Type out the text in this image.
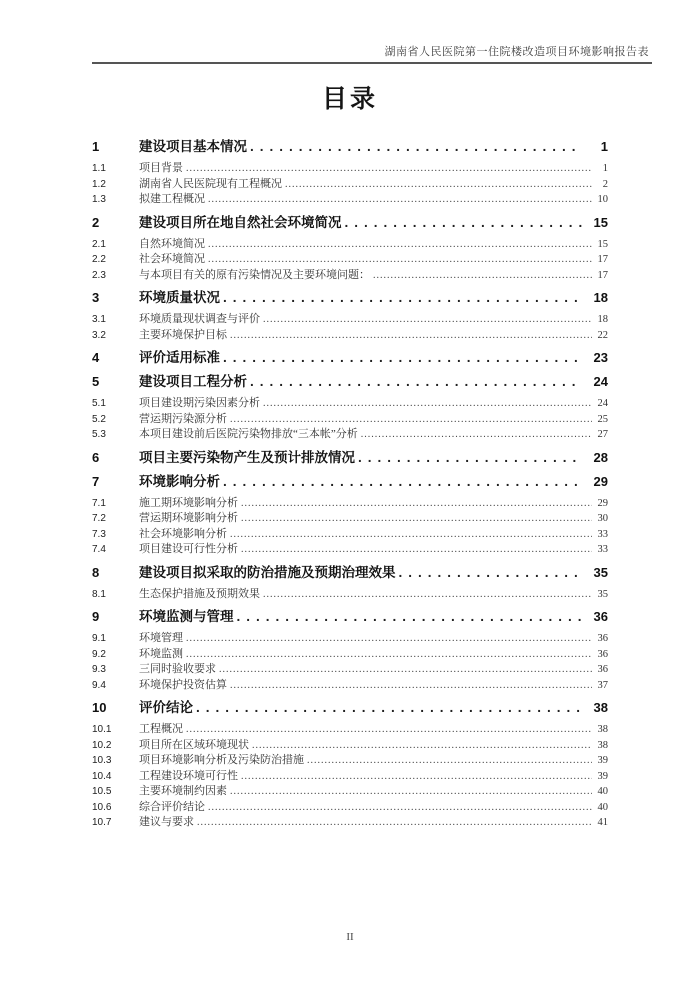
湖南省人民医院第一住院楼改造项目环境影响报告表
目录
1	建设项目基本情况 .....	1
1.1	项目背景 .....	1
1.2	湖南省人民医院现有工程概况 .....	2
1.3	拟建工程概况 .....	10
2	建设项目所在地自然社会环境简况 .....	15
2.1	自然环境简况 .....	15
2.2	社会环境简况 .....	17
2.3	与本项目有关的原有污染情况及主要环境问题： .....	17
3	环境质量状况 .....	18
3.1	环境质量现状调查与评价 .....	18
3.2	主要环境保护目标 .....	22
4	评价适用标准 .....	23
5	建设项目工程分析 .....	24
5.1	项目建设期污染因素分析 .....	24
5.2	营运期污染源分析 .....	25
5.3	本项目建设前后医院污染物排放“三本帐”分析 .....	27
6	项目主要污染物产生及预计排放情况 .....	28
7	环境影响分析 .....	29
7.1	施工期环境影响分析 .....	29
7.2	营运期环境影响分析 .....	30
7.3	社会环境影响分析 .....	33
7.4	项目建设可行性分析 .....	33
8	建设项目拟采取的防治措施及预期治理效果 .....	35
8.1	生态保护措施及预期效果 .....	35
9	环境监测与管理 .....	36
9.1	环境管理 .....	36
9.2	环境监测 .....	36
9.3	三同时验收要求 .....	36
9.4	环境保护投资估算 .....	37
10	评价结论 .....	38
10.1	工程概况 .....	38
10.2	项目所在区域环境现状 .....	38
10.3	项目环境影响分析及污染防治措施 .....	39
10.4	工程建设环境可行性 .....	39
10.5	主要环境制约因素 .....	40
10.6	综合评价结论 .....	40
10.7	建议与要求 .....	41
II
